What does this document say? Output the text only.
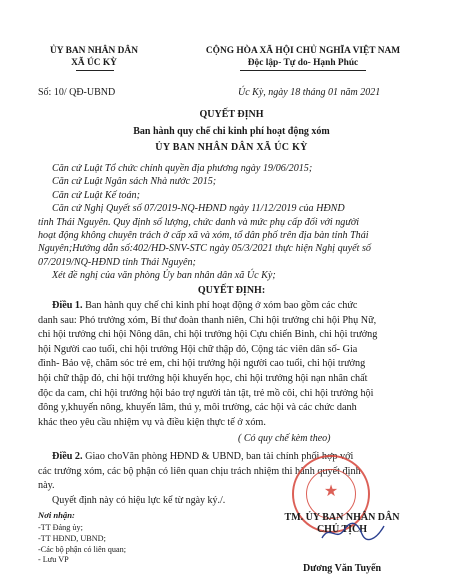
ỦY BAN NHÂN DÂN
XÃ ÚC KỲ
CỘNG HÒA XÃ HỘI CHỦ NGHĨA VIỆT NAM
Độc lập- Tự do- Hạnh Phúc
Số: 10/ QĐ-UBND	Úc Kỳ, ngày 18 tháng 01 năm 2021
QUYẾT ĐỊNH
Ban hành quy chế chi kinh phí hoạt động xóm
ỦY BAN NHÂN DÂN XÃ ÚC KỲ
Căn cứ Luật Tổ chức chính quyền địa phương ngày 19/06/2015;
Căn cứ Luật Ngân sách Nhà nước 2015;
Căn cứ Luật Kế toán;
Căn cứ Nghị Quyết số 07/2019-NQ-HĐND ngày 11/12/2019 của HĐND
tỉnh Thái Nguyên. Quy định số lượng, chức danh và mức phụ cấp đối với người
hoạt động không chuyên trách ở cấp xã và xóm, tổ dân phố trên địa bàn tỉnh Thái
Nguyên;Hướng dẫn số:402/HD-SNV-STC ngày 05/3/2021 thực hiện Nghị quyết số
07/2019/NQ-HĐND tỉnh Thái Nguyên;
Xét đề nghị của văn phòng Ủy ban nhân dân xã Úc Kỳ;
QUYẾT ĐỊNH:
Điều 1. Ban hành quy chế chi kinh phí hoạt động ở xóm bao gồm các chức
danh sau: Phó trưởng xóm, Bí thư đoàn thanh niên, Chi hội trưởng chi hội Phụ Nữ,
chi hội trưởng chi hội Nông dân, chi hội trưởng hội Cựu chiến Binh, chi hội trưởng
hội Người cao tuổi, chi hội trưởng Hội chữ thập đỏ, Cộng tác viên dân số- Gia
đình- Bảo vệ, chăm sóc trẻ em, chi hội trưởng hội người cao tuổi, chi hội trưởng
hội chữ thập đỏ, chi hội trưởng hội khuyến học, chi hội trưởng hội nạn nhân chất
độc da cam, chi hội trưởng hội bảo trợ người tàn tật, trẻ mồ côi, chi hội trưởng hội
đông y,khuyến nông, khuyến lâm, thú y, môi trường, các hội và các chức danh
khác theo yêu cầu nhiệm vụ và điều kiện thực tế ở xóm.
( Có quy chế kèm theo)
Điều 2. Giao choVăn phòng HĐND & UBND, ban tài chính phối hợp với
các trưởng xóm, các bộ phận có liên quan chịu trách nhiệm thi hành quyết định
này.
Quyết định này có hiệu lực kể từ ngày ký./.
Nơi nhận:
-TT Đảng ủy;
-TT HĐND, UBND;
-Các bộ phận có liên quan;
- Lưu VP
★
TM. ỦY BAN NHÂN DÂN
CHỦ TỊCH
Dương Văn Tuyến
